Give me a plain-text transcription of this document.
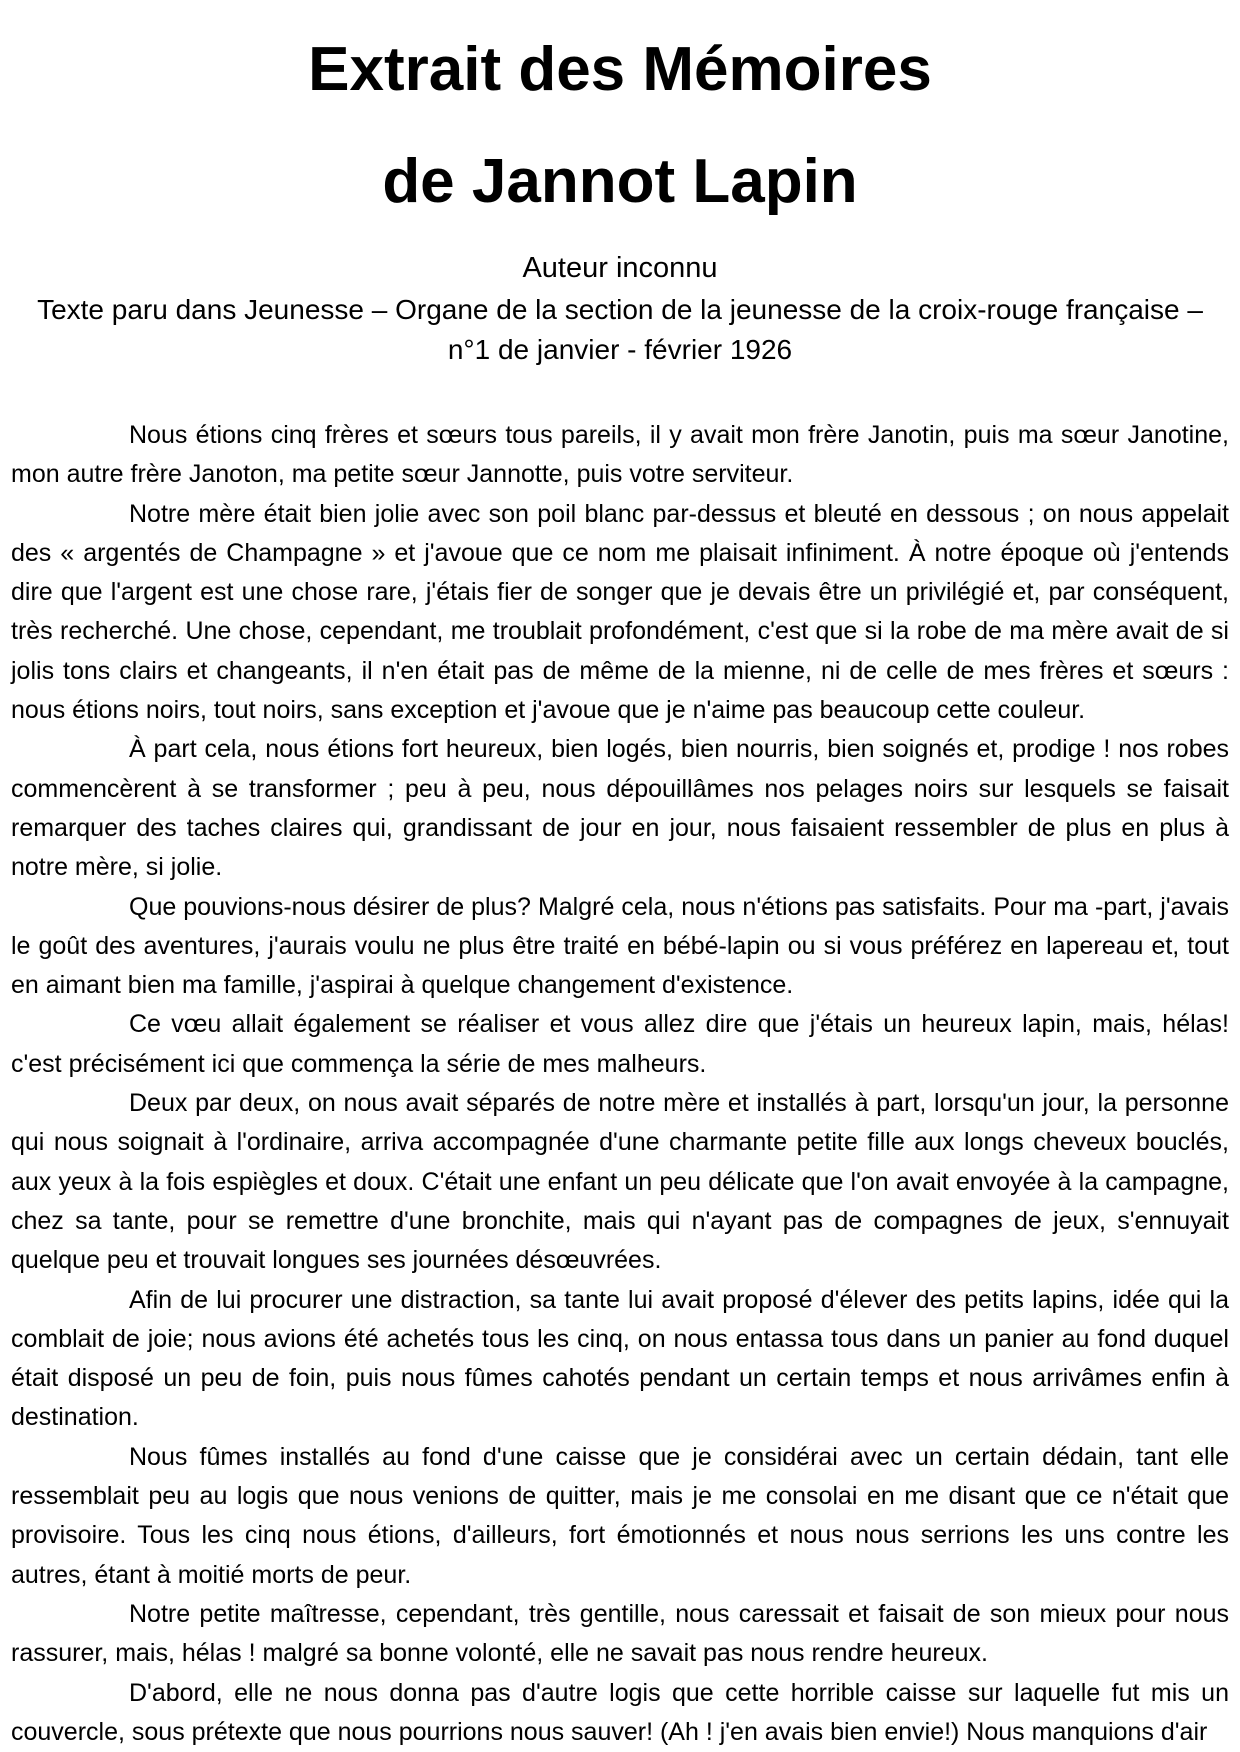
Extrait des Mémoires
de Jannot Lapin
Auteur inconnu
Texte paru dans Jeunesse – Organe de la section de la jeunesse de la croix-rouge française –
n°1 de janvier - février 1926

Nous étions cinq frères et sœurs tous pareils, il y avait mon frère Janotin, puis ma sœur Janotine, mon autre frère Janoton, ma petite sœur Jannotte, puis votre serviteur.

Notre mère était bien jolie avec son poil blanc par-dessus et bleuté en dessous ; on nous appelait des « argentés de Champagne » et j'avoue que ce nom me plaisait infiniment. À notre époque où j'entends dire que l'argent est une chose rare, j'étais fier de songer que je devais être un privilégié et, par conséquent, très recherché. Une chose, cependant, me troublait profondément, c'est que si la robe de ma mère avait de si jolis tons clairs et changeants, il n'en était pas de même de la mienne, ni de celle de mes frères et sœurs : nous étions noirs, tout noirs, sans exception et j'avoue que je n'aime pas beaucoup cette couleur.

À part cela, nous étions fort heureux, bien logés, bien nourris, bien soignés et, prodige ! nos robes commencèrent à se transformer ; peu à peu, nous dépouillâmes nos pelages noirs sur lesquels se faisait remarquer des taches claires qui, grandissant de jour en jour, nous faisaient ressembler de plus en plus à notre mère, si jolie.

Que pouvions-nous désirer de plus? Malgré cela, nous n'étions pas satisfaits. Pour ma -part, j'avais le goût des aventures, j'aurais voulu ne plus être traité en bébé-lapin ou si vous préférez en lapereau et, tout en aimant bien ma famille, j'aspirai à quelque changement d'existence.

Ce vœu allait également se réaliser et vous allez dire que j'étais un heureux lapin, mais, hélas! c'est précisément ici que commença la série de mes malheurs.

Deux par deux, on nous avait séparés de notre mère et installés à part, lorsqu'un jour, la personne qui nous soignait à l'ordinaire, arriva accompagnée d'une charmante petite fille aux longs cheveux bouclés, aux yeux à la fois espiègles et doux. C'était une enfant un peu délicate que l'on avait envoyée à la campagne, chez sa tante, pour se remettre d'une bronchite, mais qui n'ayant pas de compagnes de jeux, s'ennuyait quelque peu et trouvait longues ses journées désœuvrées.

Afin de lui procurer une distraction, sa tante lui avait proposé d'élever des petits lapins, idée qui la comblait de joie; nous avions été achetés tous les cinq, on nous entassa tous dans un panier au fond duquel était disposé un peu de foin, puis nous fûmes cahotés pendant un certain temps et nous arrivâmes enfin à destination.

Nous fûmes installés au fond d'une caisse que je considérai avec un certain dédain, tant elle ressemblait peu au logis que nous venions de quitter, mais je me consolai en me disant que ce n'était que provisoire. Tous les cinq nous étions, d'ailleurs, fort émotionnés et nous nous serrions les uns contre les autres, étant à moitié morts de peur.

Notre petite maîtresse, cependant, très gentille, nous caressait et faisait de son mieux pour nous rassurer, mais, hélas ! malgré sa bonne volonté, elle ne savait pas nous rendre heureux.

D'abord, elle ne nous donna pas d'autre logis que cette horrible caisse sur laquelle fut mis un couvercle, sous prétexte que nous pourrions nous sauver! (Ah ! j'en avais bien envie!) Nous manquions d'air
